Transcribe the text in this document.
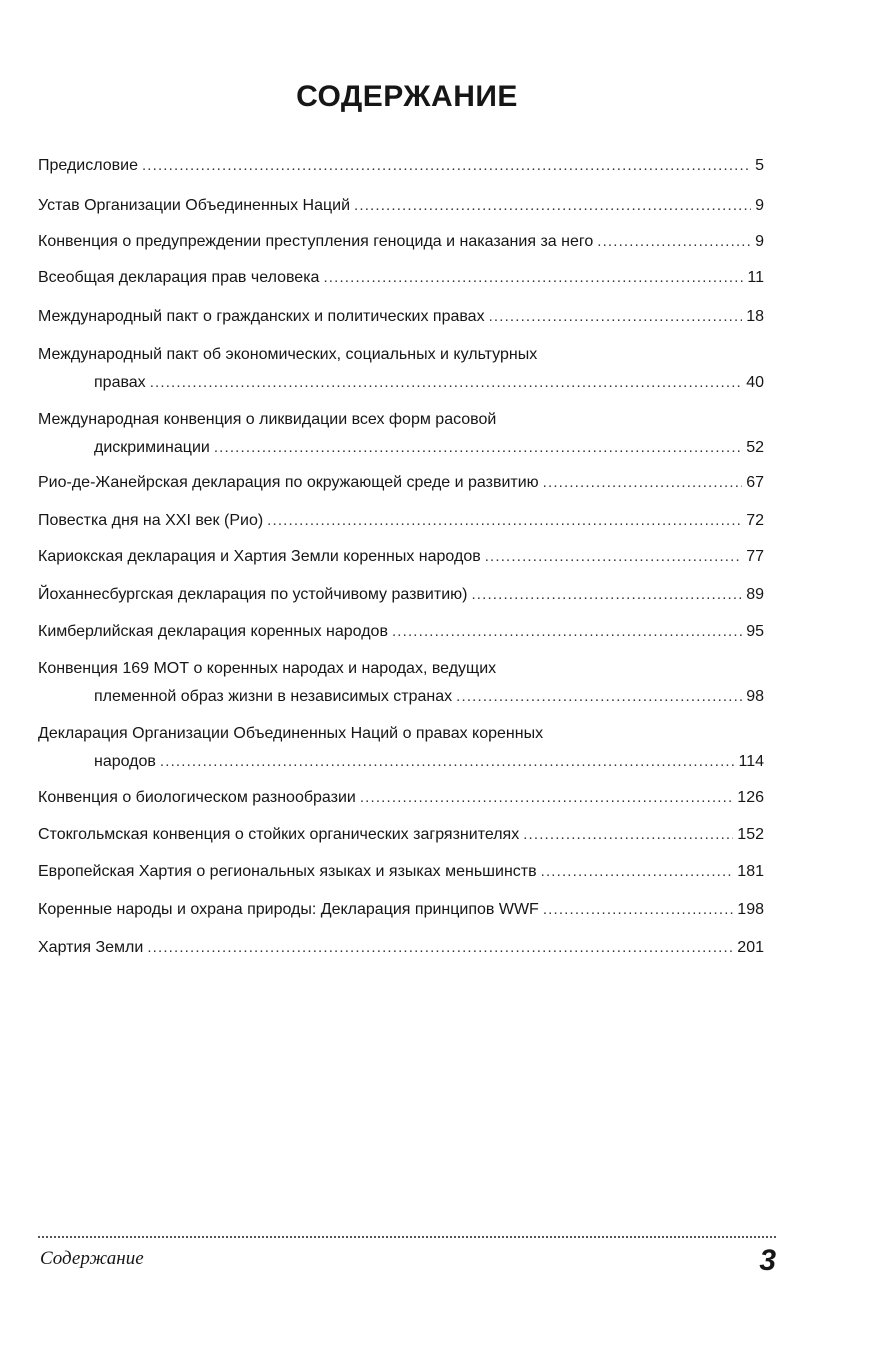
СОДЕРЖАНИЕ
Предисловие . . .	5
Устав Организации Объединенных Наций . . .	9
Конвенция о предупреждении преступления геноцида и наказания за него . . .	9
Всеобщая декларация прав человека . . .	11
Международный пакт о гражданских и политических правах . . .	18
Международный пакт об экономических, социальных и культурных
правах . . .	40
Международная конвенция о ликвидации всех форм расовой
дискриминации . . .	52
Рио-де-Жанейрская декларация по окружающей среде и развитию . . .	67
Повестка дня на XXI век (Рио) . . .	72
Кариокская декларация и Хартия Земли коренных народов . . .	77
Йоханнесбургская декларация по устойчивому развитию) . . .	89
Кимберлийская декларация коренных народов . . .	95
Конвенция 169 МОТ о коренных народах и народах, ведущих
племенной образ жизни в независимых странах . . .	98
Декларация Организации Объединенных Наций о правах коренных
народов . . .	114
Конвенция о биологическом разнообразии . . .	126
Стокгольмская конвенция о стойких органических загрязнителях . . .	152
Европейская Хартия о региональных языках и языках меньшинств . . .	181
Коренные народы и охрана природы: Декларация принципов WWF . . .	198
Хартия Земли . . .	201
Содержание	3
